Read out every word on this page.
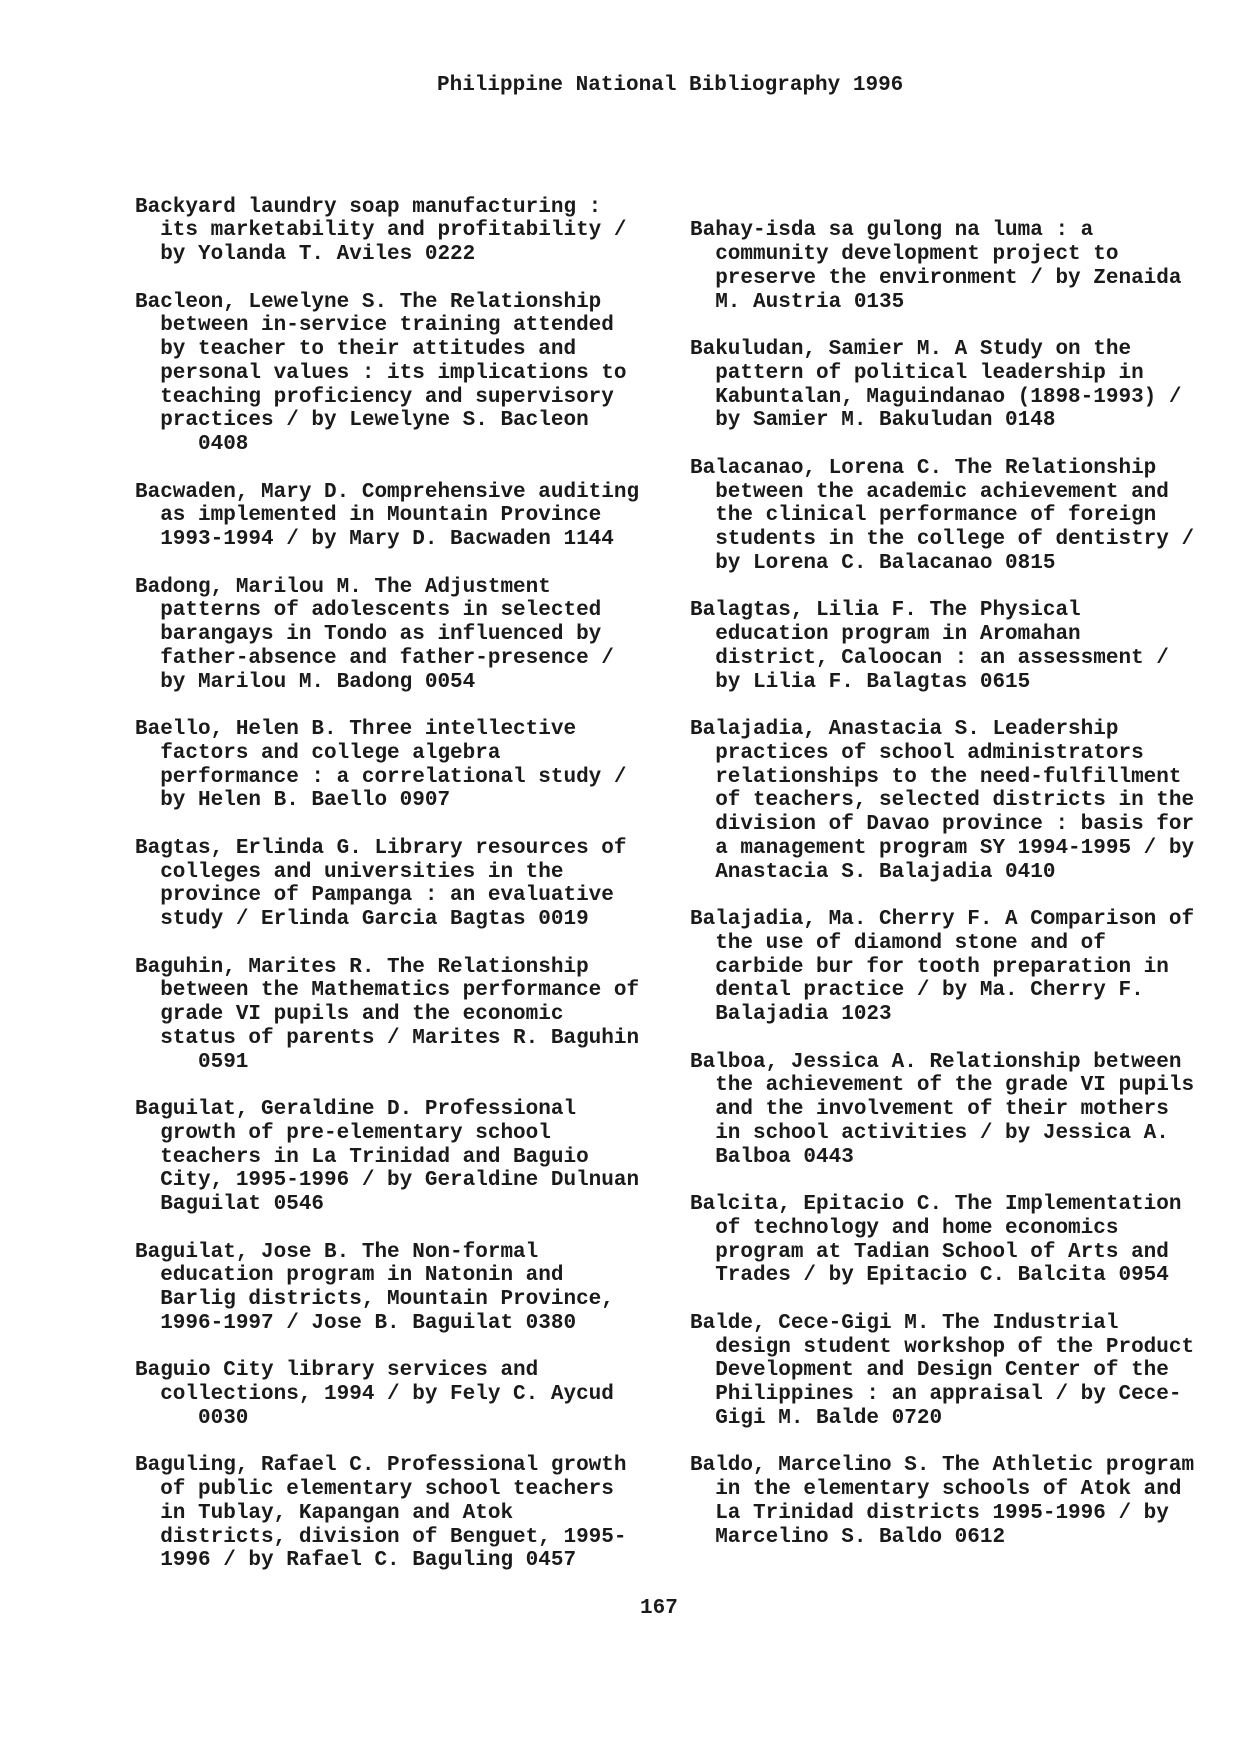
Philippine National Bibliography 1996
Backyard laundry soap manufacturing :
its marketability and profitability /
by Yolanda T. Aviles 0222
Bacleon, Lewelyne S. The Relationship
between in-service training attended
by teacher to their attitudes and
personal values : its implications to
teaching proficiency and supervisory
practices / by Lewelyne S. Bacleon
0408
Bacwaden, Mary D. Comprehensive auditing
as implemented in Mountain Province
1993-1994 / by Mary D. Bacwaden 1144
Badong, Marilou M. The Adjustment
patterns of adolescents in selected
barangays in Tondo as influenced by
father-absence and father-presence /
by Marilou M. Badong 0054
Baello, Helen B. Three intellective
factors and college algebra
performance : a correlational study /
by Helen B. Baello 0907
Bagtas, Erlinda G. Library resources of
colleges and universities in the
province of Pampanga : an evaluative
study / Erlinda Garcia Bagtas 0019
Baguhin, Marites R. The Relationship
between the Mathematics performance of
grade VI pupils and the economic
status of parents / Marites R. Baguhin
0591
Baguilat, Geraldine D. Professional
growth of pre-elementary school
teachers in La Trinidad and Baguio
City, 1995-1996 / by Geraldine Dulnuan
Baguilat 0546
Baguilat, Jose B. The Non-formal
education program in Natonin and
Barlig districts, Mountain Province,
1996-1997 / Jose B. Baguilat 0380
Baguio City library services and
collections, 1994 / by Fely C. Aycud
0030
Baguling, Rafael C. Professional growth
of public elementary school teachers
in Tublay, Kapangan and Atok
districts, division of Benguet, 1995-
1996 / by Rafael C. Baguling 0457
Bahay-isda sa gulong na luma : a
community development project to
preserve the environment / by Zenaida
M. Austria 0135
Bakuludan, Samier M. A Study on the
pattern of political leadership in
Kabuntalan, Maguindanao (1898-1993) /
by Samier M. Bakuludan 0148
Balacanao, Lorena C. The Relationship
between the academic achievement and
the clinical performance of foreign
students in the college of dentistry /
by Lorena C. Balacanao 0815
Balagtas, Lilia F. The Physical
education program in Aromahan
district, Caloocan : an assessment /
by Lilia F. Balagtas 0615
Balajadia, Anastacia S. Leadership
practices of school administrators
relationships to the need-fulfillment
of teachers, selected districts in the
division of Davao province : basis for
a management program SY 1994-1995 / by
Anastacia S. Balajadia 0410
Balajadia, Ma. Cherry F. A Comparison of
the use of diamond stone and of
carbide bur for tooth preparation in
dental practice / by Ma. Cherry F.
Balajadia 1023
Balboa, Jessica A. Relationship between
the achievement of the grade VI pupils
and the involvement of their mothers
in school activities / by Jessica A.
Balboa 0443
Balcita, Epitacio C. The Implementation
of technology and home economics
program at Tadian School of Arts and
Trades / by Epitacio C. Balcita 0954
Balde, Cece-Gigi M. The Industrial
design student workshop of the Product
Development and Design Center of the
Philippines : an appraisal / by Cece-
Gigi M. Balde 0720
Baldo, Marcelino S. The Athletic program
in the elementary schools of Atok and
La Trinidad districts 1995-1996 / by
Marcelino S. Baldo 0612
167
